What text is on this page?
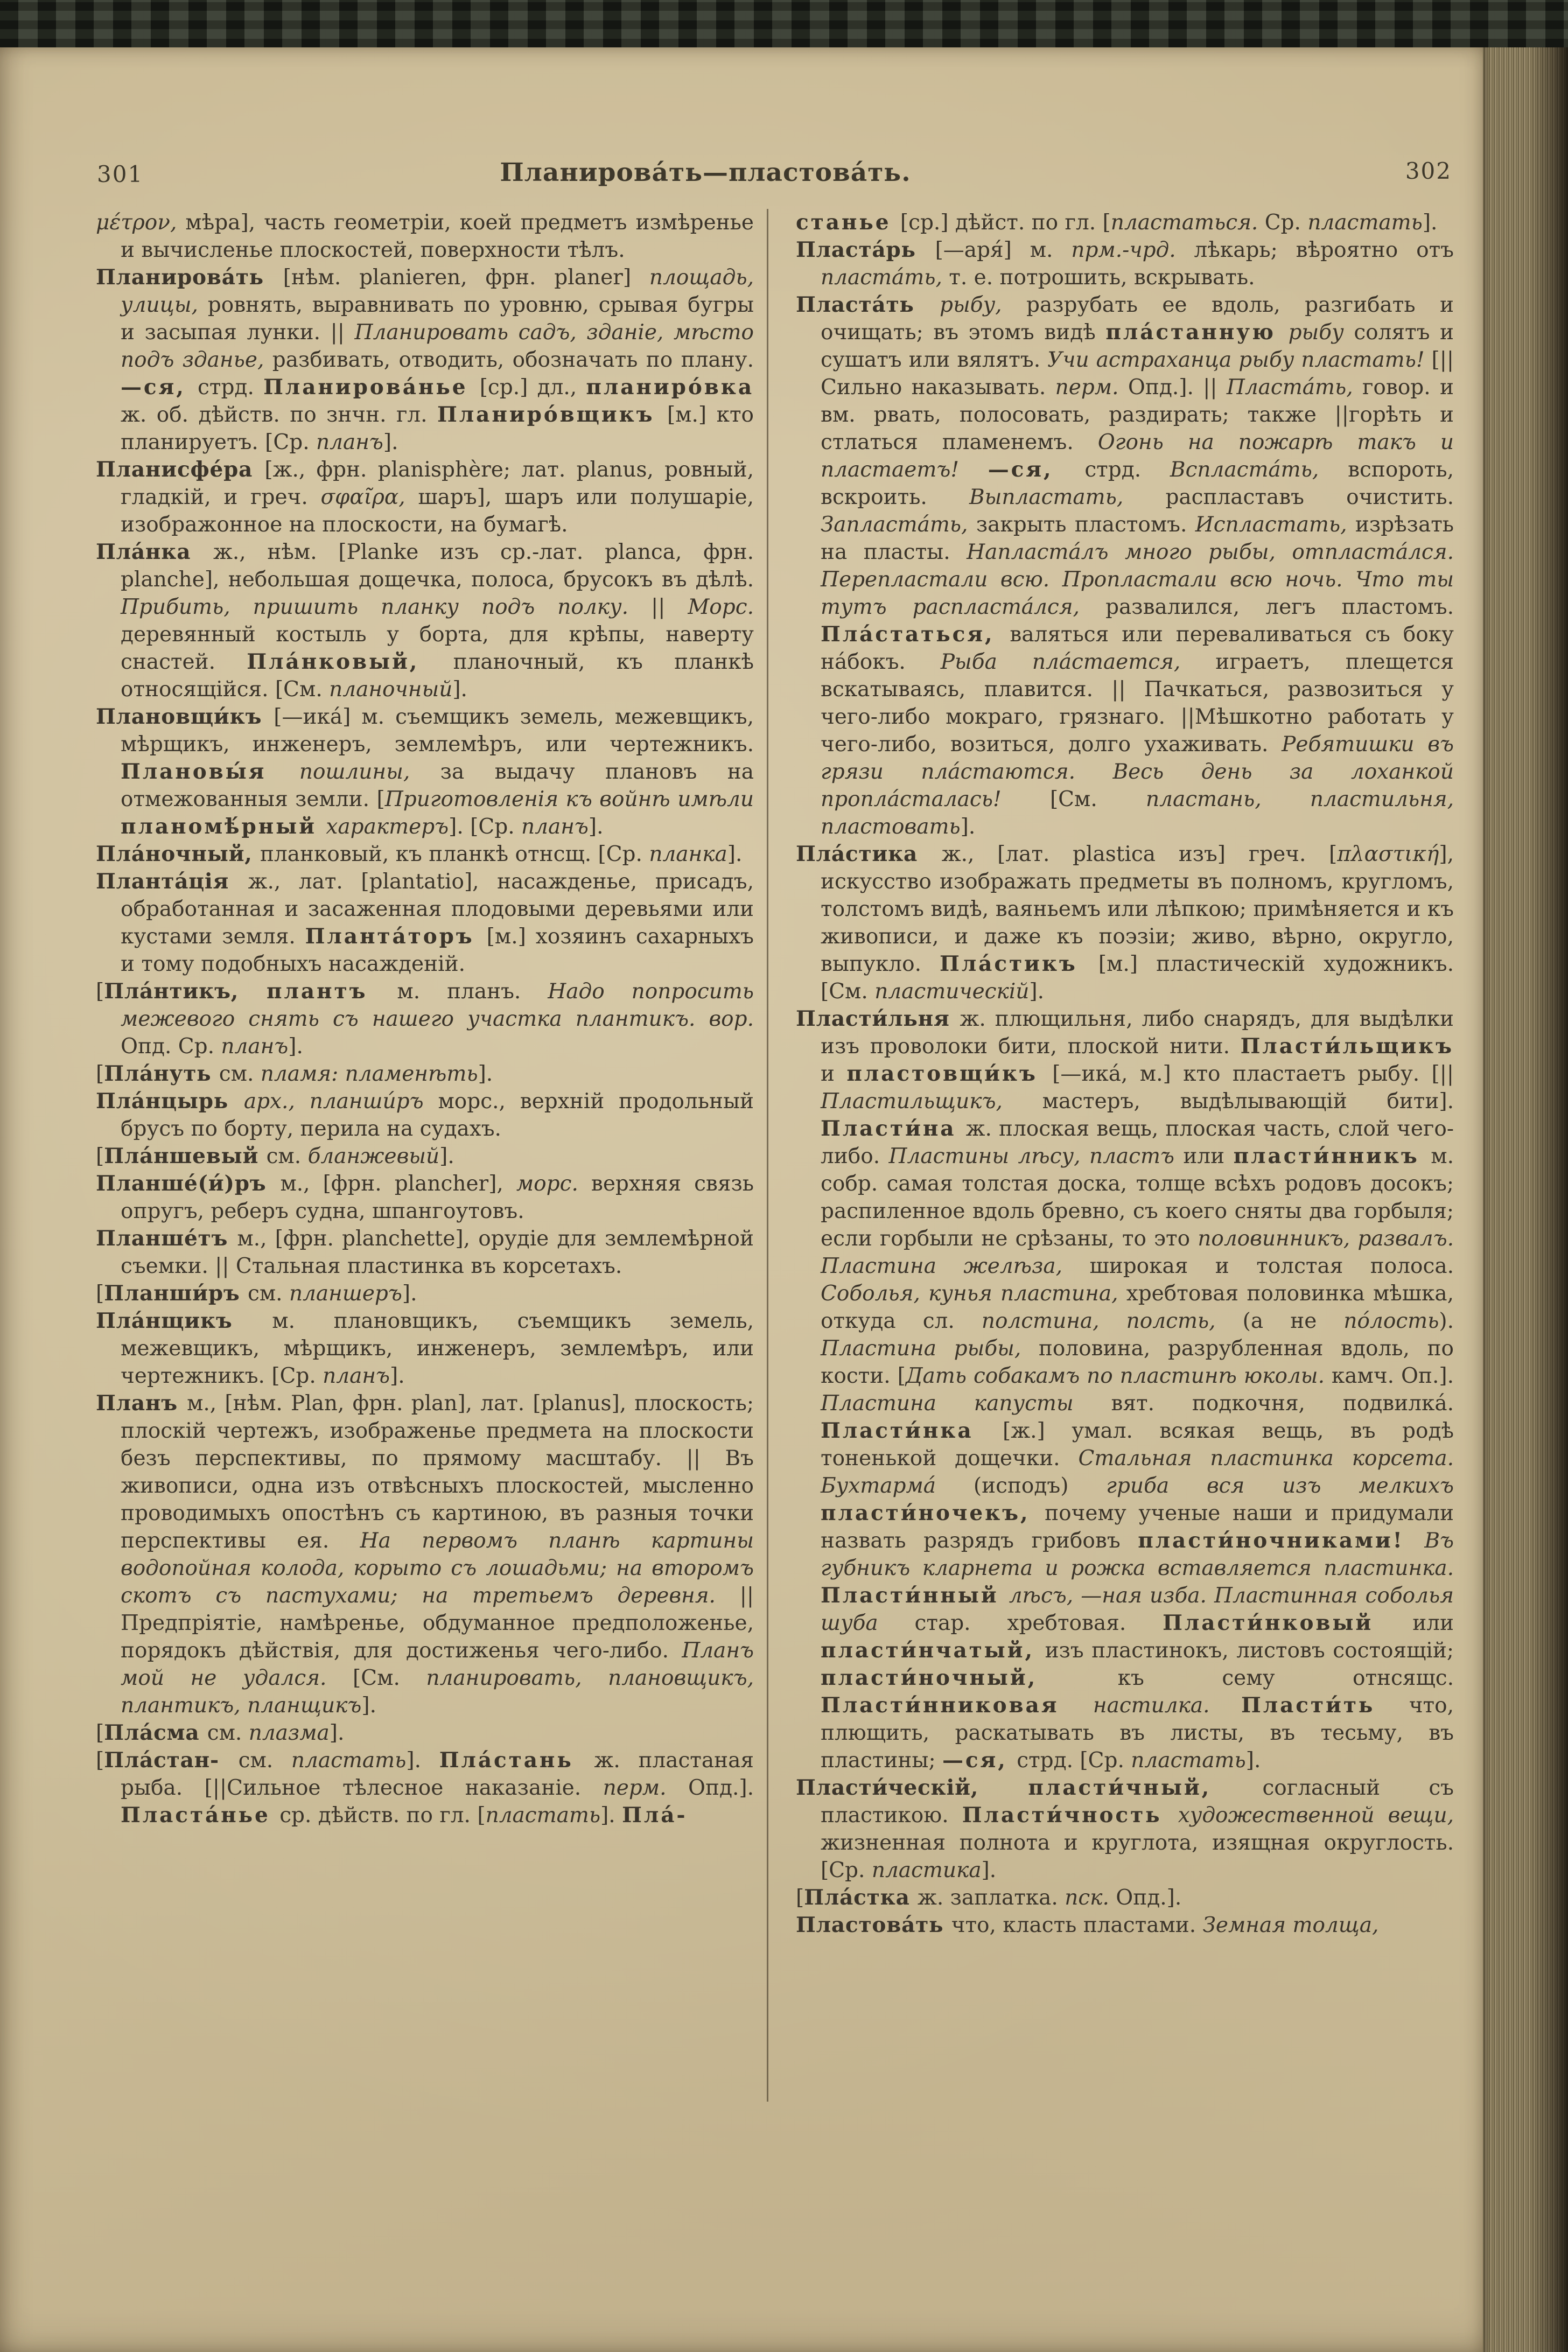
301	Планирова́ть—пластова́ть.	302

μέτρον, мѣра], часть геометріи, коей предметъ измѣренье и вычисленье плоскостей, поверхности тѣлъ.

Планирова́ть [нѣм. planieren, фрн. planer] площадь, улицы, ровнять, выравнивать по уровню, срывая бугры и засыпая лунки. || Планировать садъ, зданіе, мѣсто подъ зданье, разбивать, отводить, обозначать по плану. —ся, стрд. Планирова́нье [ср.] дл., планиро́вка ж. об. дѣйств. по знчн. гл. Планиро́вщикъ [м.] кто планируетъ. [Ср. планъ].

Планисфе́ра [ж., фрн. planisphère; лат. planus, ровный, гладкій, и греч. σφαῖρα, шаръ], шаръ или полушаріе, изображонное на плоскости, на бумагѣ.

Пла́нка ж., нѣм. [Planke изъ ср.-лат. planca, фрн. planche], небольшая дощечка, полоса, брусокъ въ дѣлѣ. Прибить, пришить планку подъ полку. || Морс. деревянный костыль у борта, для крѣпы, наверту снастей. Пла́нковый, планочный, къ планкѣ относящійся. [См. планочный].

Плановщи́къ [—ика́] м. съемщикъ земель, межевщикъ, мѣрщикъ, инженеръ, землемѣръ, или чертежникъ. Плановы́я пошлины, за выдачу плановъ на отмежованныя земли. [Приготовленія къ войнѣ имѣли планомѣ́рный характеръ]. [Ср. планъ].

Пла́ночный, планковый, къ планкѣ отнсщ. [Ср. планка].

Планта́ція ж., лат. [plantatio], насажденье, присадъ, обработанная и засаженная плодовыми деревьями или кустами земля. Планта́торъ [м.] хозяинъ сахарныхъ и тому подобныхъ насажденій.

[Пла́нтикъ, плантъ м. планъ. Надо попросить межевого снять съ нашего участка плантикъ. вор. Опд. Ср. планъ].

[Пла́нуть см. пламя: пламенѣть].

Пла́нцырь арх., планши́ръ морс., верхній продольный брусъ по борту, перила на судахъ.

[Пла́ншевый см. бланжевый].

Планше́(и́)ръ м., [фрн. plancher], морс. верхняя связь опругъ, реберъ судна, шпангоутовъ.

Планше́тъ м., [фрн. planchette], орудіе для землемѣрной съемки. || Стальная пластинка въ корсетахъ.

[Планши́ръ см. планшеръ].

Пла́нщикъ м. плановщикъ, съемщикъ земель, межевщикъ, мѣрщикъ, инженеръ, землемѣръ, или чертежникъ. [Ср. планъ].

Планъ м., [нѣм. Plan, фрн. plan], лат. [planus], плоскость; плоскій чертежъ, изображенье предмета на плоскости безъ перспективы, по прямому масштабу. || Въ живописи, одна изъ отвѣсныхъ плоскостей, мысленно проводимыхъ опостѣнъ съ картиною, въ разныя точки перспективы ея. На первомъ планѣ картины водопойная колода, корыто съ лошадьми; на второмъ скотъ съ пастухами; на третьемъ деревня. || Предпріятіе, намѣренье, обдуманное предположенье, порядокъ дѣйствія, для достиженья чего-либо. Планъ мой не удался. [См. планировать, плановщикъ, плантикъ, планщикъ].

[Пла́сма см. плазма].

[Пла́стан- см. пластать]. Пла́стань ж. пластаная рыба. [||Сильное тѣлесное наказаніе. перм. Опд.]. Пласта́нье ср. дѣйств. по гл. [пластать]. Пла́-

станье [ср.] дѣйст. по гл. [пластаться. Ср. пластать].

Пласта́рь [—аря́] м. прм.-чрд. лѣкарь; вѣроятно отъ пласта́ть, т. е. потрошить, вскрывать.

Пласта́ть рыбу, разрубать ее вдоль, разгибать и очищать; въ этомъ видѣ пла́станную рыбу солятъ и сушатъ или вялятъ. Учи астраханца рыбу пластать! [||Сильно наказывать. перм. Опд.]. || Пласта́ть, говор. и вм. рвать, полосовать, раздирать; также ||горѣть и стлаться пламенемъ. Огонь на пожарѣ такъ и пластаетъ! —ся, стрд. Вспласта́ть, вспороть, вскроить. Выпластать, распластавъ очистить. Запласта́ть, закрыть пластомъ. Испластать, изрѣзать на пласты. Напласта́лъ много рыбы, отпласта́лся. Перепластали всю. Пропластали всю ночь. Что ты тутъ распласта́лся, развалился, легъ пластомъ. Пла́статься, валяться или переваливаться съ боку на́бокъ. Рыба пла́стается, играетъ, плещется вскатываясь, плавится. || Пачкаться, развозиться у чего-либо мокраго, грязнаго. ||Мѣшкотно работать у чего-либо, возиться, долго ухаживать. Ребятишки въ грязи пла́стаются. Весь день за лоханкой пропла́сталась! [См. пластань, пластильня, пластовать].

Пла́стика ж., [лат. plastica изъ] греч. [πλαστική], искусство изображать предметы въ полномъ, кругломъ, толстомъ видѣ, ваяньемъ или лѣпкою; примѣняется и къ живописи, и даже къ поэзіи; живо, вѣрно, округло, выпукло. Пла́стикъ [м.] пластическій художникъ. [См. пластическій].

Пласти́льня ж. плющильня, либо снарядъ, для выдѣлки изъ проволоки бити, плоской нити. Пласти́льщикъ и пластовщи́къ [—ика́, м.] кто пластаетъ рыбу. [||Пластильщикъ, мастеръ, выдѣлывающій бити]. Пласти́на ж. плоская вещь, плоская часть, слой чего-либо. Пластины лѣсу, пластъ или пласти́нникъ м. собр. самая толстая доска, толще всѣхъ родовъ досокъ; распиленное вдоль бревно, съ коего сняты два горбыля; если горбыли не срѣзаны, то это половинникъ, развалъ. Пластина желѣза, широкая и толстая полоса. Соболья, кунья пластина, хребтовая половинка мѣшка, откуда сл. полстина, полсть, (а не по́лость). Пластина рыбы, половина, разрубленная вдоль, по кости. [Дать собакамъ по пластинѣ юколы. камч. Оп.]. Пластина капусты вят. подкочня, подвилка́. Пласти́нка [ж.] умал. всякая вещь, въ родѣ тоненькой дощечки. Стальная пластинка корсета. Бухтарма́ (исподъ) гриба вся изъ мелкихъ пласти́ночекъ, почему ученые наши и придумали назвать разрядъ грибовъ пласти́ночниками! Въ губникъ кларнета и рожка вставляется пластинка. Пласти́нный лѣсъ, —ная изба. Пластинная соболья шуба стар. хребтовая. Пласти́нковый или пласти́нчатый, изъ пластинокъ, листовъ состоящій; пласти́ночный, къ сему отнсящс. Пласти́нниковая настилка. Пласти́ть что, плющить, раскатывать въ листы, въ тесьму, въ пластины; —ся, стрд. [Ср. пластать].

Пласти́ческій, пласти́чный, согласный съ пластикою. Пласти́чность художественной вещи, жизненная полнота и круглота, изящная округлость. [Ср. пластика].

[Пла́стка ж. заплатка. пск. Опд.].

Пластова́ть что, класть пластами. Земная толща,
